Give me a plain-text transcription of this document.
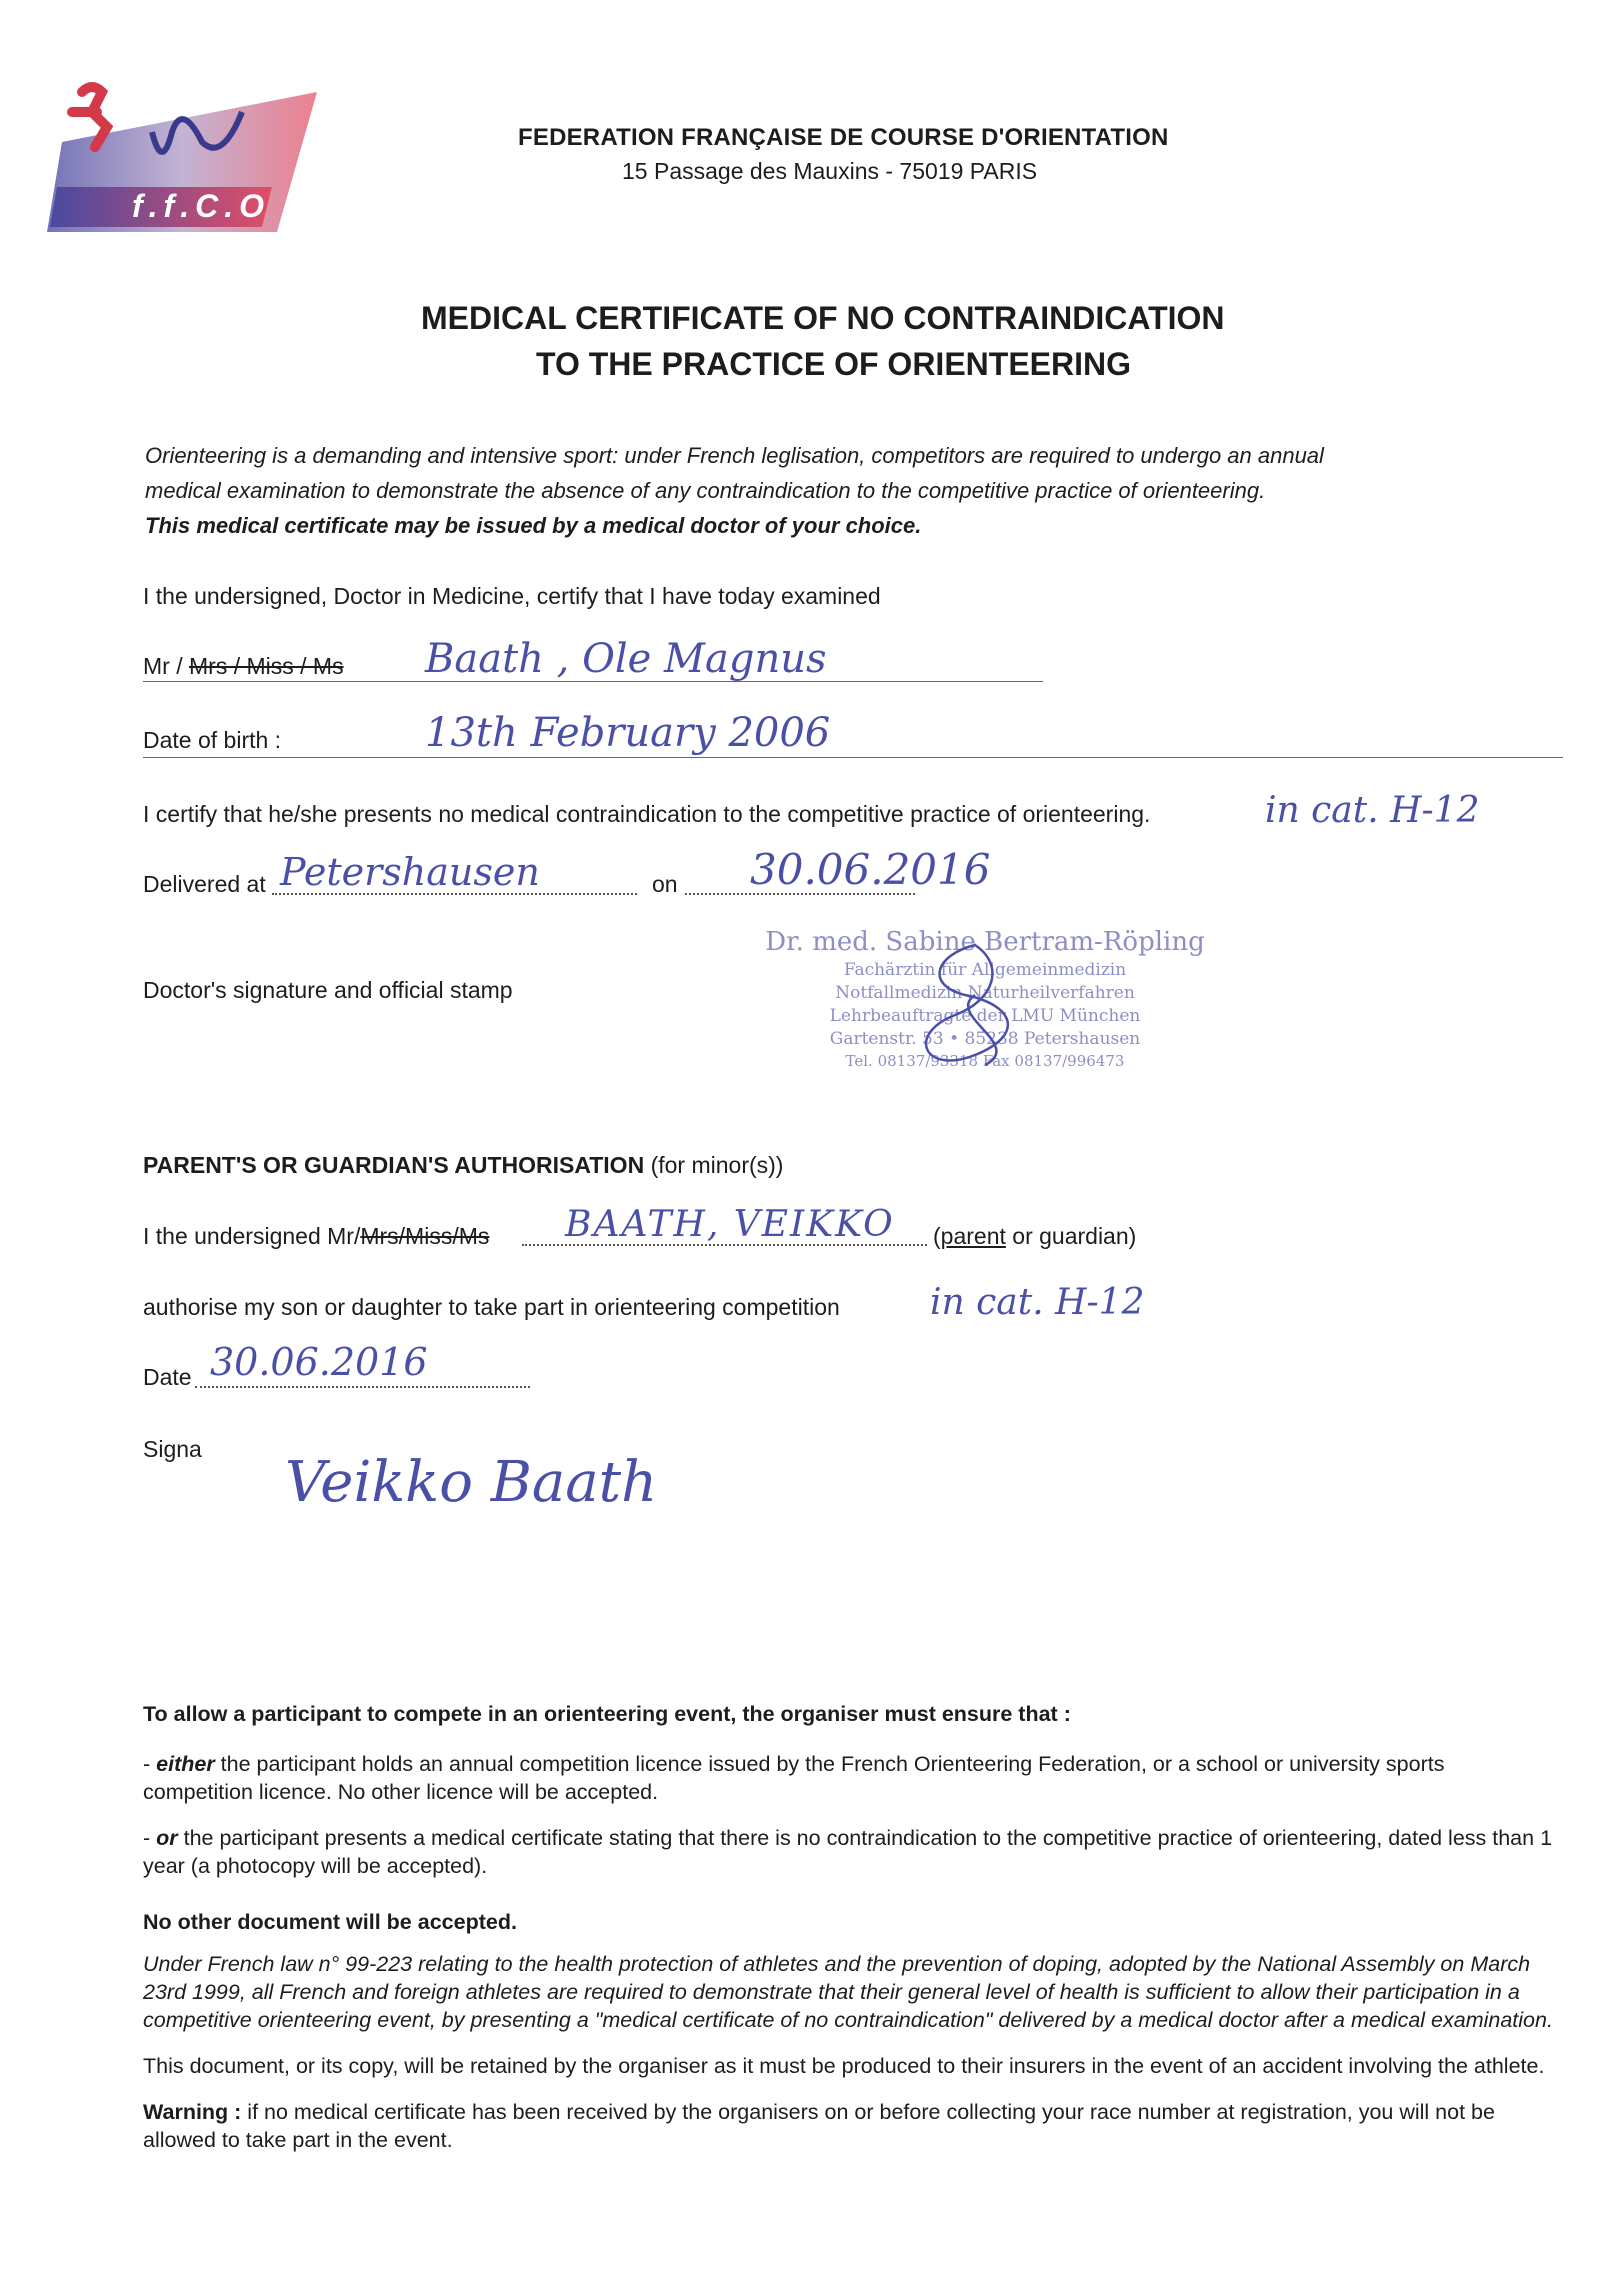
f.f.C.O
FEDERATION FRANÇAISE DE COURSE D'ORIENTATION
15 Passage des Mauxins - 75019 PARIS
MEDICAL CERTIFICATE OF NO CONTRAINDICATION
TO THE PRACTICE OF ORIENTEERING
Orienteering is a demanding and intensive sport: under French leglisation, competitors are required to undergo an annual
medical examination to demonstrate the absence of any contraindication to the competitive practice of orienteering.
This medical certificate may be issued by a medical doctor of your choice.
I the undersigned, Doctor in Medicine, certify that I have today examined
Mr / Mrs / Miss / Ms Baath , Ole Magnus
Date of birth :	13th February 2006
I certify that he/she presents no medical contraindication to the competitive practice of orienteering.	in cat. H-12
Delivered at Petershausen	on 30.06.2016
Doctor's signature and official stamp
Dr. med. Sabine Bertram-Röpling
Fachärztin für Allgemeinmedizin
Notfallmedizin Naturheilverfahren
Lehrbeauftragte der LMU München
Gartenstr. 53 • 85238 Petershausen
Tel. 08137/93318 Fax 08137/996473
PARENT'S OR GUARDIAN'S AUTHORISATION (for minor(s))
I the undersigned Mr/Mrs/Miss/Ms BAATH, VEIKKO (parent or guardian)
authorise my son or daughter to take part in orienteering competition	in cat. H-12
Date 30.06.2016
Signa
Veikko Baath

To allow a participant to compete in an orienteering event, the organiser must ensure that :

- either the participant holds an annual competition licence issued by the French Orienteering Federation, or a school or university sports competition licence. No other licence will be accepted.

- or the participant presents a medical certificate stating that there is no contraindication to the competitive practice of orienteering, dated less than 1 year (a photocopy will be accepted).

No other document will be accepted.

Under French law n° 99-223 relating to the health protection of athletes and the prevention of doping, adopted by the National Assembly on March 23rd 1999, all French and foreign athletes are required to demonstrate that their general level of health is sufficient to allow their participation in a competitive orienteering event, by presenting a "medical certificate of no contraindication" delivered by a medical doctor after a medical examination.

This document, or its copy, will be retained by the organiser as it must be produced to their insurers in the event of an accident involving the athlete.

Warning : if no medical certificate has been received by the organisers on or before collecting your race number at registration, you will not be allowed to take part in the event.
